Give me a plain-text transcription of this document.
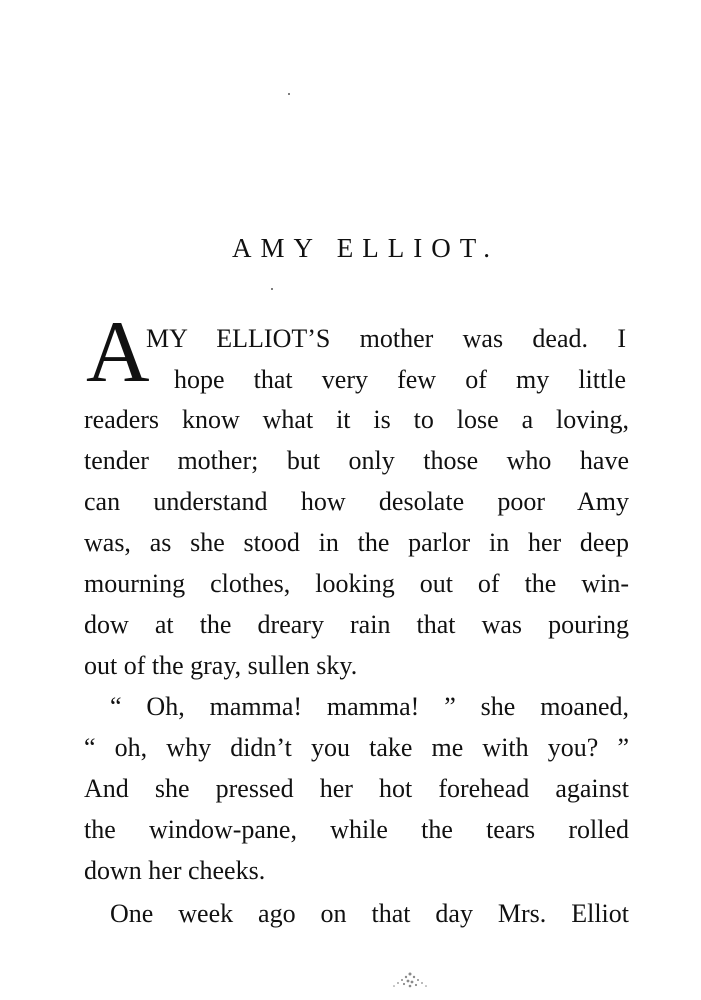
AMY ELLIOT.
A
MY ELLIOT’S mother was dead. I
hope that very few of my little
readers know what it is to lose a loving,
tender mother; but only those who have
can understand how desolate poor Amy
was, as she stood in the parlor in her deep
mourning clothes, looking out of the win-
dow at the dreary rain that was pouring
out of the gray, sullen sky.
“ Oh, mamma! mamma! ” she moaned,
“ oh, why didn’t you take me with you? ”
And she pressed her hot forehead against
the window-pane, while the tears rolled
down her cheeks.
One week ago on that day Mrs. Elliot
